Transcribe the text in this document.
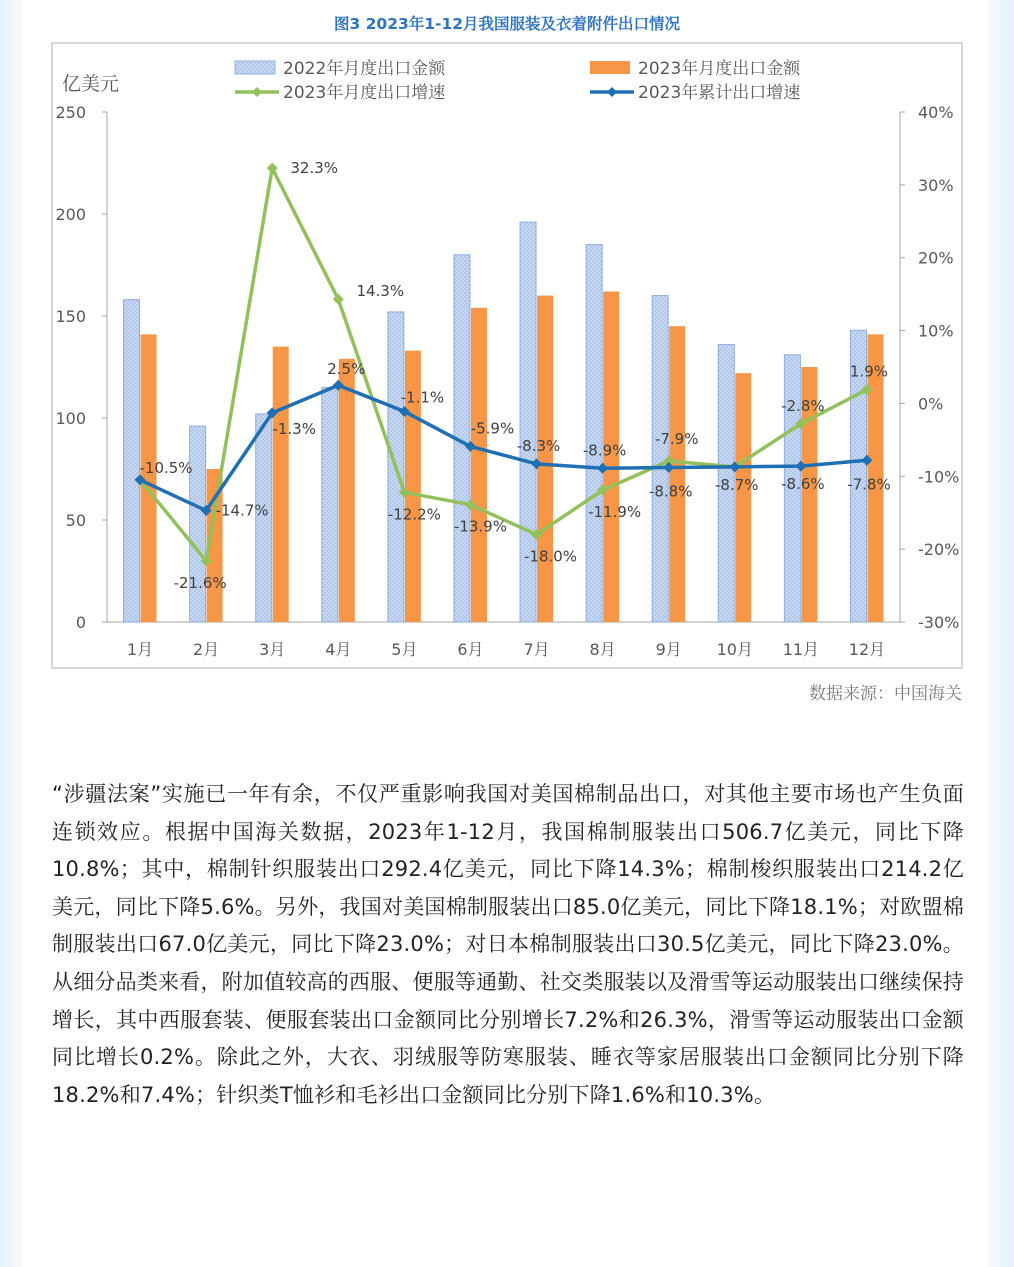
图3 2023年1-12月我国服装及衣着附件出口情况
亿美元
0
50
100
150
200
250
-30%
-20%
-10%
0%
10%
20%
30%
40%
1月 2月 3月 4月 5月 6月 7月 8月 9月 10月 11月 12月
-10.5%
-21.6%
32.3%
14.3%
-12.2%
-13.9%
-18.0%
-11.9%
-7.9%
-2.8%
1.9%
-14.7%
-1.3%
2.5%
-1.1%
-5.9%
-8.3% -8.9%
-8.8% -8.7% -8.6% -7.8%
2022年月度出口金额	2023年月度出口金额
2023年月度出口增速	2023年累计出口增速
数据来源：中国海关
“涉疆法案”实施已一年有余，不仅严重影响我国对美国棉制品出口，对其他主要市场也产生负面连锁效应。根据中国海关数据，2023年1-12月，我国棉制服装出口506.7亿美元，同比下降10.8%；其中，棉制针织服装出口292.4亿美元，同比下降14.3%；棉制梭织服装出口214.2亿美元，同比下降5.6%。另外，我国对美国棉制服装出口85.0亿美元，同比下降18.1%；对欧盟棉制服装出口67.0亿美元，同比下降23.0%；对日本棉制服装出口30.5亿美元，同比下降23.0%。从细分品类来看，附加值较高的西服、便服等通勤、社交类服装以及滑雪等运动服装出口继续保持增长，其中西服套装、便服套装出口金额同比分别增长7.2%和26.3%，滑雪等运动服装出口金额同比增长0.2%。除此之外，大衣、羽绒服等防寒服装、睡衣等家居服装出口金额同比分别下降18.2%和7.4%；针织类T恤衫和毛衫出口金额同比分别下降1.6%和10.3%。
